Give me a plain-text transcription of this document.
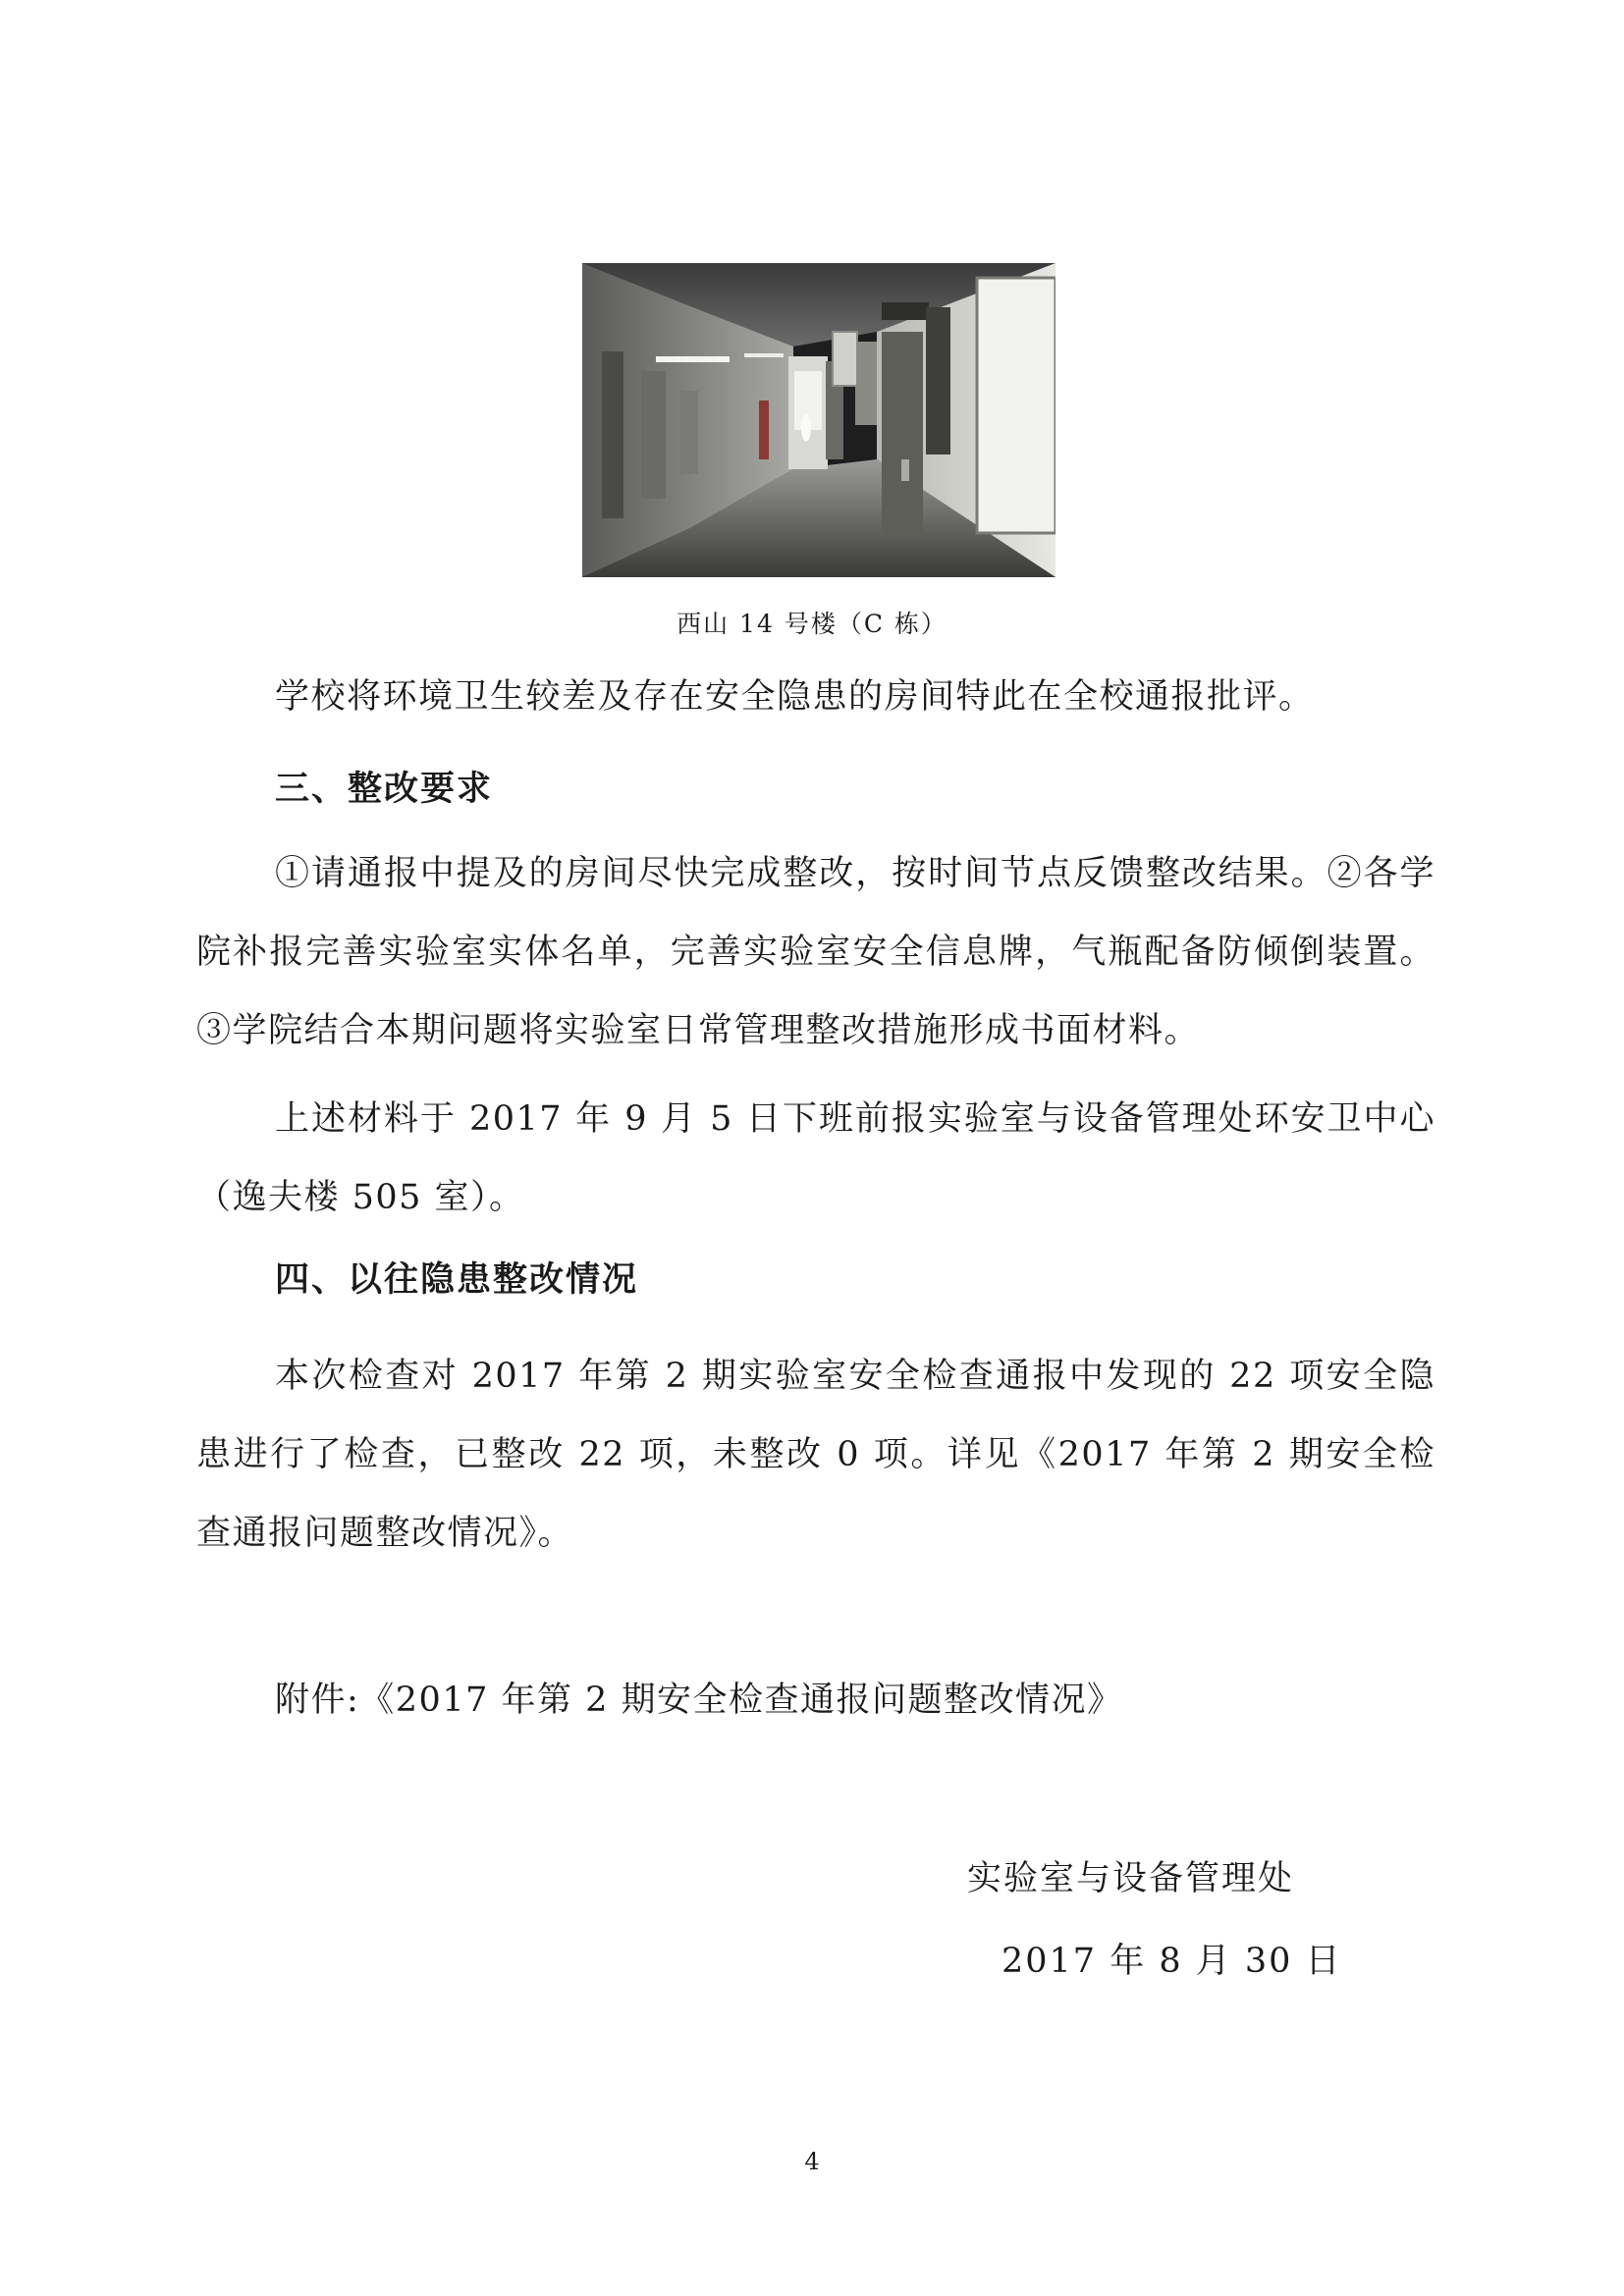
西山 14 号楼（C 栋）
学校将环境卫生较差及存在安全隐患的房间特此在全校通报批评。
三、整改要求
①请通报中提及的房间尽快完成整改，按时间节点反馈整改结果。②各学院补报完善实验室实体名单，完善实验室安全信息牌，气瓶配备防倾倒装置。③学院结合本期问题将实验室日常管理整改措施形成书面材料。
上述材料于 2017 年 9 月 5 日下班前报实验室与设备管理处环安卫中心（逸夫楼 505 室）。
四、以往隐患整改情况
本次检查对 2017 年第 2 期实验室安全检查通报中发现的 22 项安全隐患进行了检查，已整改 22 项，未整改 0 项。详见《2017 年第 2 期安全检查通报问题整改情况》。
附件:《2017 年第 2 期安全检查通报问题整改情况》
实验室与设备管理处
2017 年 8 月 30 日
4
